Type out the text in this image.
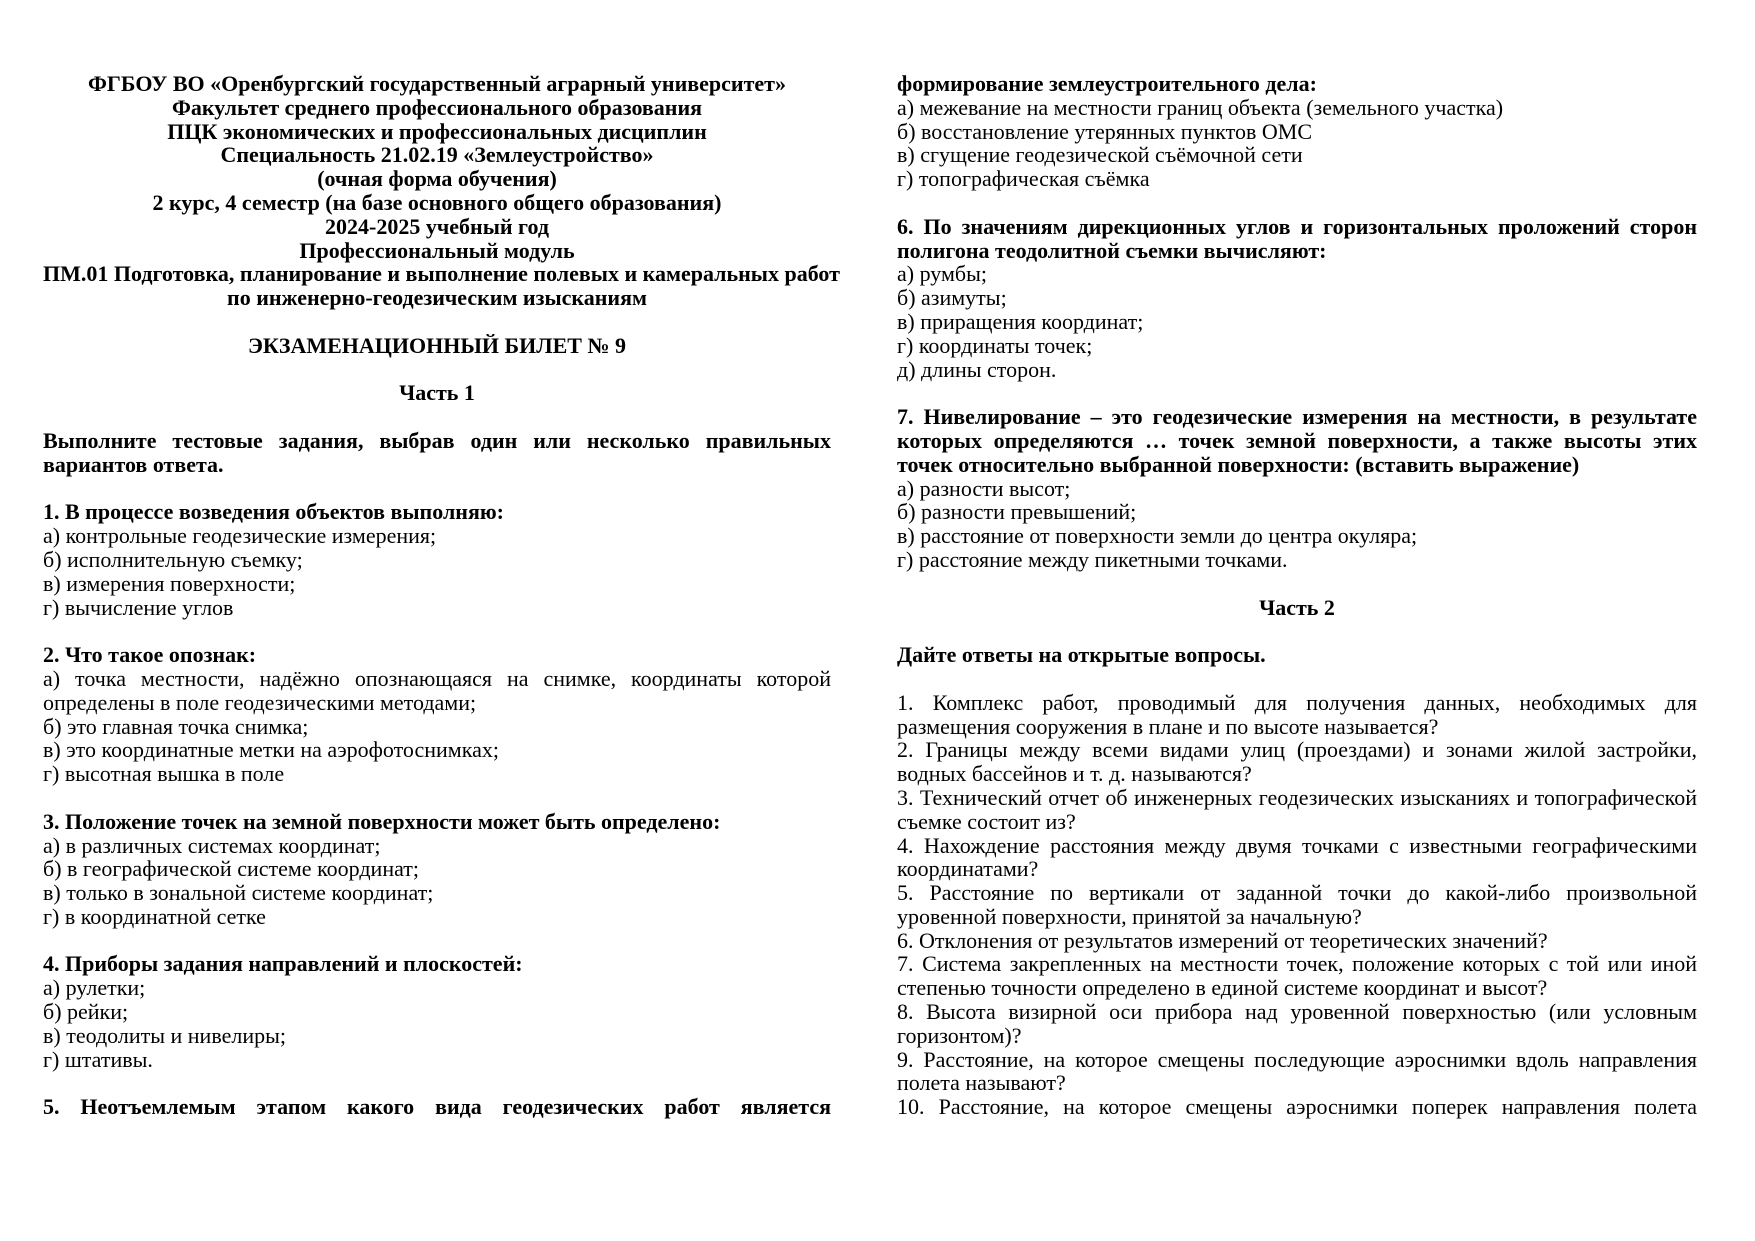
ФГБОУ ВО «Оренбургский государственный аграрный университет»
Факультет среднего профессионального образования
ПЦК экономических и профессиональных дисциплин
Специальность 21.02.19 «Землеустройство»
(очная форма обучения)
2 курс, 4 семестр (на базе основного общего образования)
2024-2025 учебный год
Профессиональный модуль
ПМ.01 Подготовка, планирование и выполнение полевых и камеральных работ
по инженерно-геодезическим изысканиям
ЭКЗАМЕНАЦИОННЫЙ БИЛЕТ № 9
Часть 1
Выполните тестовые задания, выбрав один или несколько правильных вариантов ответа.
1. В процессе возведения объектов выполняю:
а) контрольные геодезические измерения;
б) исполнительную съемку;
в) измерения поверхности;
г) вычисление углов
2. Что такое опознак:
а) точка местности, надёжно опознающаяся на снимке, координаты которой определены в поле геодезическими методами;
б) это главная точка снимка;
в) это координатные метки на аэрофотоснимках;
г) высотная вышка в поле
3. Положение точек на земной поверхности может быть определено:
а) в различных системах координат;
б) в географической системе координат;
в) только в зональной системе координат;
г) в координатной сетке
4. Приборы задания направлений и плоскостей:
а) рулетки;
б) рейки;
в) теодолиты и нивелиры;
г) штативы.
5. Неотъемлемым этапом какого вида геодезических работ является
формирование землеустроительного дела:
а) межевание на местности границ объекта (земельного участка)
б) восстановление утерянных пунктов ОМС
в) сгущение геодезической съёмочной сети
г) топографическая съёмка
6. По значениям дирекционных углов и горизонтальных проложений сторон полигона теодолитной съемки вычисляют:
а) румбы;
б) азимуты;
в) приращения координат;
г) координаты точек;
д) длины сторон.
7. Нивелирование – это геодезические измерения на местности, в результате которых определяются … точек земной поверхности, а также высоты этих точек относительно выбранной поверхности: (вставить выражение)
а) разности высот;
б) разности превышений;
в) расстояние от поверхности земли до центра окуляра;
г) расстояние между пикетными точками.
Часть 2
Дайте ответы на открытые вопросы.
1. Комплекс работ, проводимый для получения данных, необходимых для размещения сооружения в плане и по высоте называется?
2. Границы между всеми видами улиц (проездами) и зонами жилой застройки, водных бассейнов и т. д. называются?
3. Технический отчет об инженерных геодезических изысканиях и топографической съемке состоит из?
4. Нахождение расстояния между двумя точками с известными географическими координатами?
5. Расстояние по вертикали от заданной точки до какой-либо произвольной уровенной поверхности, принятой за начальную?
6. Отклонения от результатов измерений от теоретических значений?
7. Система закрепленных на местности точек, положение которых с той или иной степенью точности определено в единой системе координат и высот?
8. Высота визирной оси прибора над уровенной поверхностью (или условным горизонтом)?
9. Расстояние, на которое смещены последующие аэроснимки вдоль направления полета называют?
10. Расстояние, на которое смещены аэроснимки поперек направления полета
